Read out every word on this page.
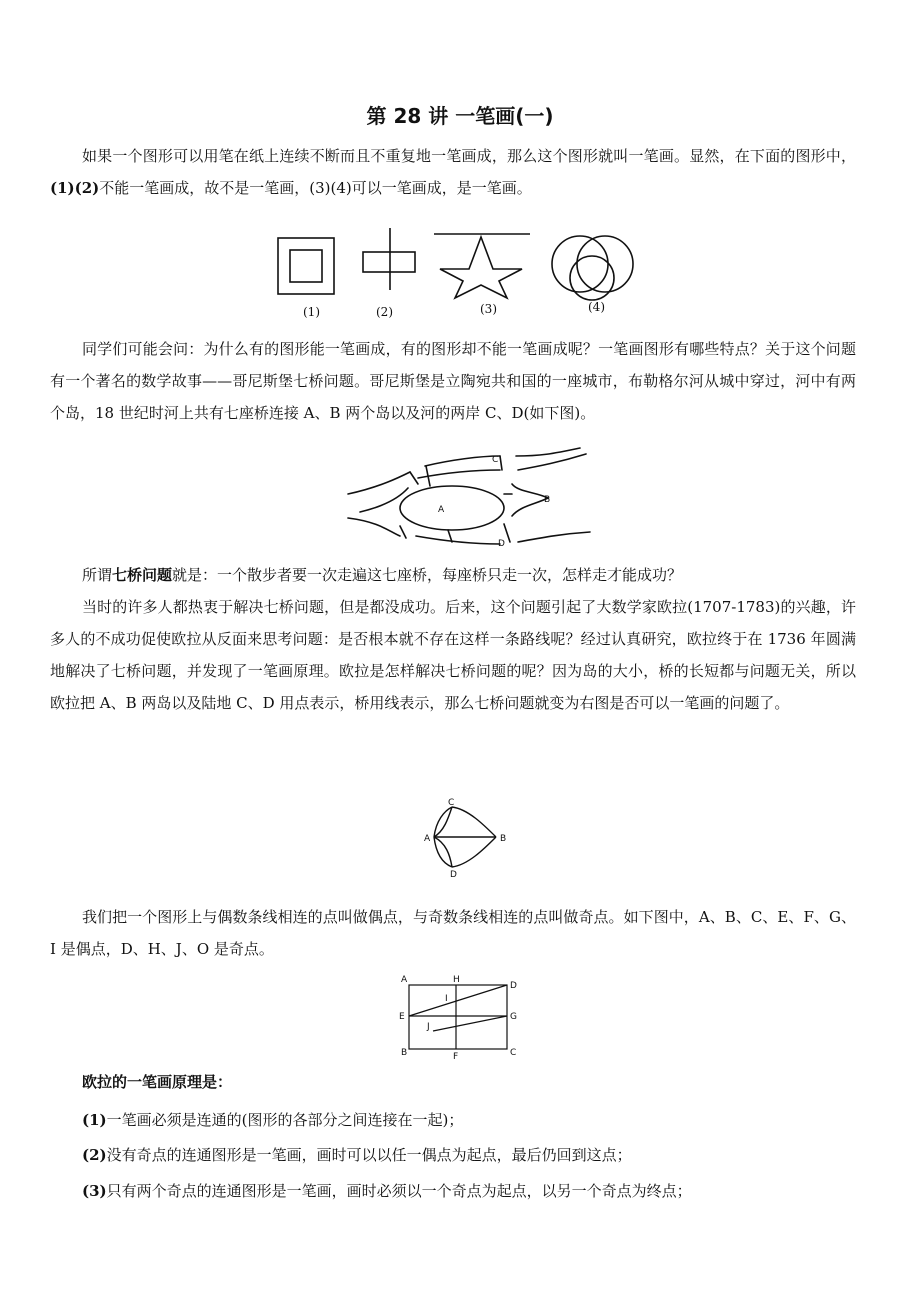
第 28 讲 一笔画(一)
如果一个图形可以用笔在纸上连续不断而且不重复地一笔画成，那么这个图形就叫一笔画。显然，在下面的图形中，(1)(2)不能一笔画成，故不是一笔画，(3)(4)可以一笔画成，是一笔画。
(1)	(2)	(3)	(4)
同学们可能会问：为什么有的图形能一笔画成，有的图形却不能一笔画成呢？一笔画图形有哪些特点？关于这个问题有一个著名的数学故事——哥尼斯堡七桥问题。哥尼斯堡是立陶宛共和国的一座城市，布勒格尔河从城中穿过，河中有两个岛，18 世纪时河上共有七座桥连接 A、B 两个岛以及河的两岸 C、D(如下图)。
A
B
C
D
所谓七桥问题就是：一个散步者要一次走遍这七座桥，每座桥只走一次，怎样走才能成功？
当时的许多人都热衷于解决七桥问题，但是都没成功。后来，这个问题引起了大数学家欧拉(1707-1783)的兴趣，许多人的不成功促使欧拉从反面来思考问题：是否根本就不存在这样一条路线呢？经过认真研究，欧拉终于在 1736 年圆满地解决了七桥问题，并发现了一笔画原理。欧拉是怎样解决七桥问题的呢？因为岛的大小，桥的长短都与问题无关，所以欧拉把 A、B 两岛以及陆地 C、D 用点表示，桥用线表示，那么七桥问题就变为右图是否可以一笔画的问题了。
C
A	B
D
我们把一个图形上与偶数条线相连的点叫做偶点，与奇数条线相连的点叫做奇点。如下图中，A、B、C、E、F、G、I 是偶点，D、H、J、O 是奇点。
A	H
D
I
E	G
J
B	F	C
欧拉的一笔画原理是：
(1)一笔画必须是连通的(图形的各部分之间连接在一起)；
(2)没有奇点的连通图形是一笔画，画时可以以任一偶点为起点，最后仍回到这点；
(3)只有两个奇点的连通图形是一笔画，画时必须以一个奇点为起点，以另一个奇点为终点；
